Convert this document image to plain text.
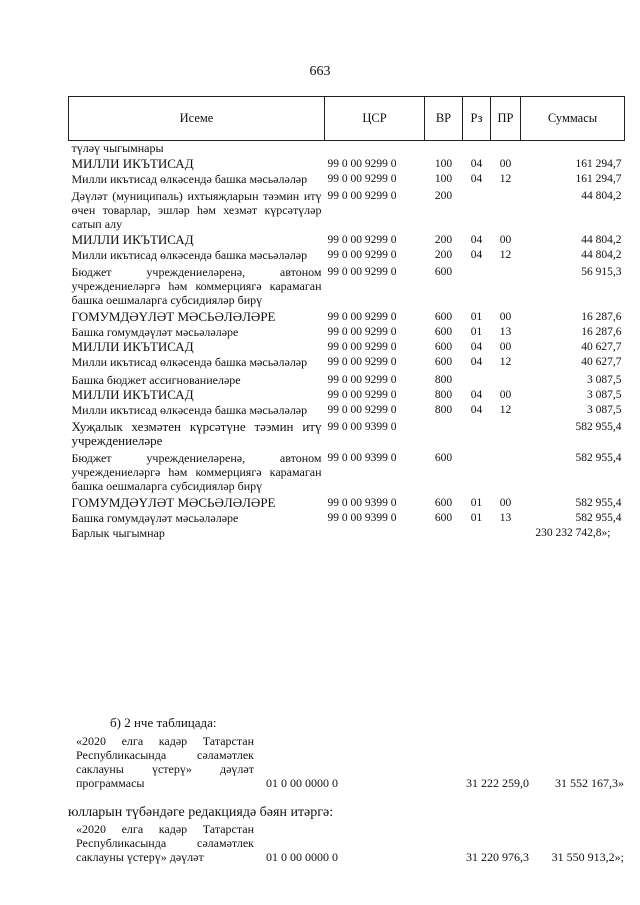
663
Исеме	ЦСР	ВР	Рз	ПР	Суммасы
түләү чыгымнары					
МИЛЛИ ИКЪТИСАД	99 0 00 9299 0	100	04	00	161 294,7
Милли икътисад өлкәсендә башка мәсьәләләр	99 0 00 9299 0	100	04	12	161 294,7
Дәүләт (муниципаль) ихтыяҗларын тәэмин итү өчен товарлар, эшләр һәм хезмәт күрсәтүләр сатып алу	99 0 00 9299 0	200			44 804,2
МИЛЛИ ИКЪТИСАД	99 0 00 9299 0	200	04	00	44 804,2
Милли икътисад өлкәсендә башка мәсьәләләр	99 0 00 9299 0	200	04	12	44 804,2
Бюджет учреждениеләренә, автоном учреждениеләргә һәм коммерциягә карамаган башка оешмаларга субсидияләр бирү	99 0 00 9299 0	600			56 915,3
ГОМУМДӘҮЛӘТ МӘСЬӘЛӘЛӘРЕ	99 0 00 9299 0	600	01	00	16 287,6
Башка гомумдәүләт мәсьәләләре	99 0 00 9299 0	600	01	13	16 287,6
МИЛЛИ ИКЪТИСАД	99 0 00 9299 0	600	04	00	40 627,7
Милли икътисад өлкәсендә башка мәсьәләләр	99 0 00 9299 0	600	04	12	40 627,7
Башка бюджет ассигнованиеләре	99 0 00 9299 0	800			3 087,5
МИЛЛИ ИКЪТИСАД	99 0 00 9299 0	800	04	00	3 087,5
Милли икътисад өлкәсендә башка мәсьәләләр	99 0 00 9299 0	800	04	12	3 087,5
Хуҗалык хезмәтен күрсәтүне тәэмин итү учреждениеләре	99 0 00 9399 0				582 955,4
Бюджет учреждениеләренә, автоном учреждениеләргә һәм коммерциягә карамаган башка оешмаларга субсидияләр бирү	99 0 00 9399 0	600			582 955,4
ГОМУМДӘҮЛӘТ МӘСЬӘЛӘЛӘРЕ	99 0 00 9399 0	600	01	00	582 955,4
Башка гомумдәүләт мәсьәләләре	99 0 00 9399 0	600	01	13	582 955,4
Барлык чыгымнар					230 232 742,8»;
б) 2 нче таблицада:
«2020 елга кадәр Татарстан
Республикасында сәламәтлек
саклауны үстерү» дәүләт
программасы	01 0 00 0000 0	31 222 259,0	31 552 167,3»
юлларын түбәндәге редакциядә бәян итәргә:
«2020 елга кадәр Татарстан
Республикасында сәламәтлек
саклауны үстерү» дәүләт	01 0 00 0000 0	31 220 976,3	31 550 913,2»;
